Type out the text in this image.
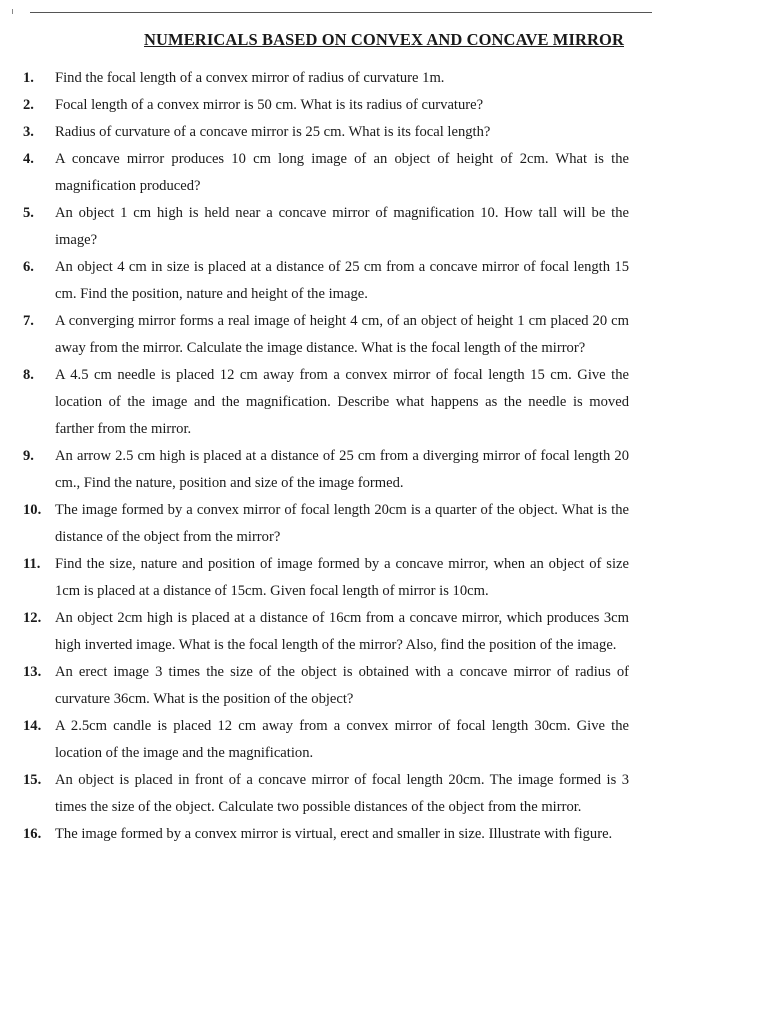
NUMERICALS BASED ON CONVEX AND CONCAVE MIRROR
1.	Find the focal length of a convex mirror of radius of curvature 1m.
2.	Focal length of a convex mirror is 50 cm. What is its radius of curvature?
3.	Radius of curvature of a concave mirror is 25 cm. What is its focal length?
4.	A concave mirror produces 10 cm long image of an object of height of 2cm. What is the magnification produced?
5.	An object 1 cm high is held near a concave mirror of magnification 10. How tall will be the image?
6.	An object 4 cm in size is placed at a distance of 25 cm from a concave mirror of focal length 15 cm. Find the position, nature and height of the image.
7.	A converging mirror forms a real image of height 4 cm, of an object of height 1 cm placed 20 cm away from the mirror. Calculate the image distance. What is the focal length of the mirror?
8.	A 4.5 cm needle is placed 12 cm away from a convex mirror of focal length 15 cm. Give the location of the image and the magnification. Describe what happens as the needle is moved farther from the mirror.
9.	An arrow 2.5 cm high is placed at a distance of 25 cm from a diverging mirror of focal length 20 cm., Find the nature, position and size of the image formed.
10. The image formed by a convex mirror of focal length 20cm is a quarter of the object. What is the distance of the object from the mirror?
11. Find the size, nature and position of image formed by a concave mirror, when an object of size 1cm is placed at a distance of 15cm. Given focal length of mirror is 10cm.
12. An object 2cm high is placed at a distance of 16cm from a concave mirror, which produces 3cm high inverted image. What is the focal length of the mirror? Also, find the position of the image.
13. An erect image 3 times the size of the object is obtained with a concave mirror of radius of curvature 36cm. What is the position of the object?
14. A 2.5cm candle is placed 12 cm away from a convex mirror of focal length 30cm. Give the location of the image and the magnification.
15. An object is placed in front of a concave mirror of focal length 20cm. The image formed is 3 times the size of the object. Calculate two possible distances of the object from the mirror.
16. The image formed by a convex mirror is virtual, erect and smaller in size. Illustrate with figure.
